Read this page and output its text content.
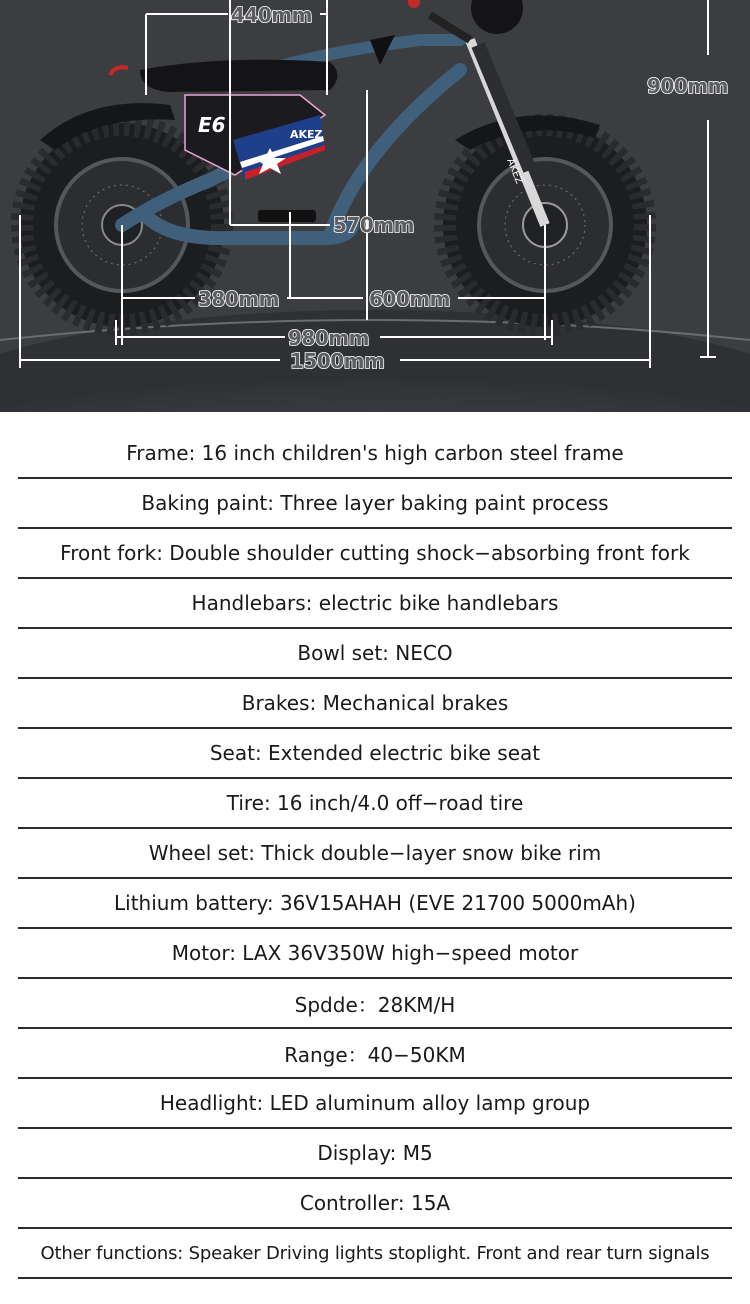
E6	AKEZ
AKEZ
440mm
900mm
570mm
380mm	600mm
980mm
1500mm
Frame: 16 inch children's high carbon steel frame
Baking paint: Three layer baking paint process
Front fork: Double shoulder cutting shock−absorbing front fork
Handlebars: electric bike handlebars
Bowl set: NECO
Brakes: Mechanical brakes
Seat: Extended electric bike seat
Tire: 16 inch/4.0 off−road tire
Wheel set: Thick double−layer snow bike rim
Lithium battery: 36V15AHAH (EVE 21700 5000mAh)
Motor: LAX 36V350W high−speed motor
Spdde：28KM/H
Range：40−50KM
Headlight: LED aluminum alloy lamp group
Display: M5
Controller: 15A
Other functions: Speaker Driving lights stoplight. Front and rear turn signals
